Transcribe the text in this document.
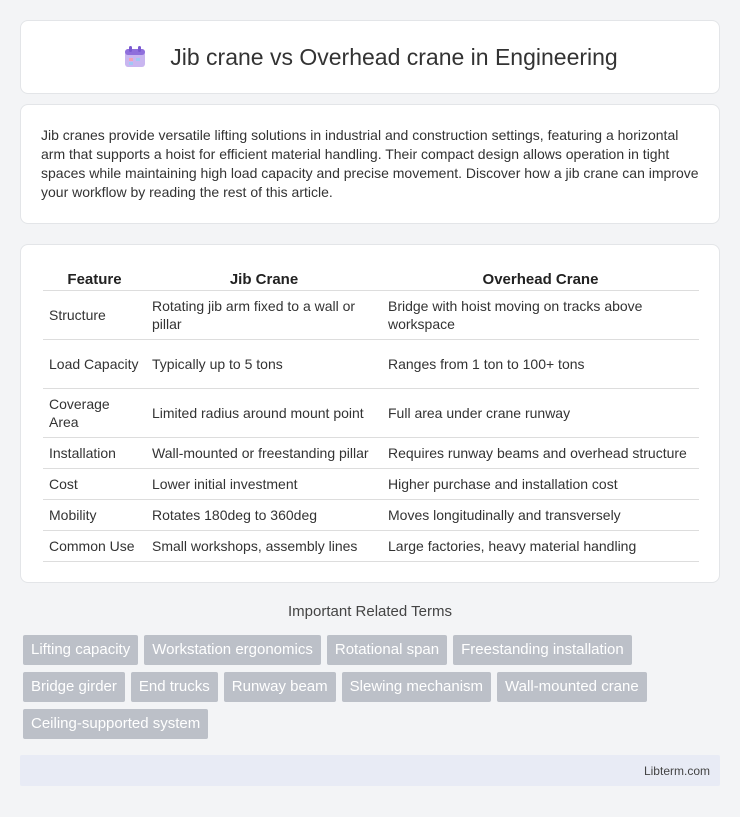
Jib crane vs Overhead crane in Engineering

Jib cranes provide versatile lifting solutions in industrial and construction settings, featuring a horizontal arm that supports a hoist for efficient material handling. Their compact design allows operation in tight spaces while maintaining high load capacity and precise movement. Discover how a jib crane can improve your workflow by reading the rest of this article.

Feature	Jib Crane	Overhead Crane
Structure	Rotating jib arm fixed to a wall or pillar	Bridge with hoist moving on tracks above workspace
Load Capacity	Typically up to 5 tons	Ranges from 1 ton to 100+ tons
Coverage Area	Limited radius around mount point	Full area under crane runway
Installation	Wall-mounted or freestanding pillar	Requires runway beams and overhead structure
Cost	Lower initial investment	Higher purchase and installation cost
Mobility	Rotates 180deg to 360deg	Moves longitudinally and transversely
Common Use	Small workshops, assembly lines	Large factories, heavy material handling
Important Related Terms
Lifting capacity	Workstation ergonomics	Rotational span	Freestanding installation
Bridge girder	End trucks	Runway beam	Slewing mechanism	Wall-mounted crane
Ceiling-supported system
Libterm.com
